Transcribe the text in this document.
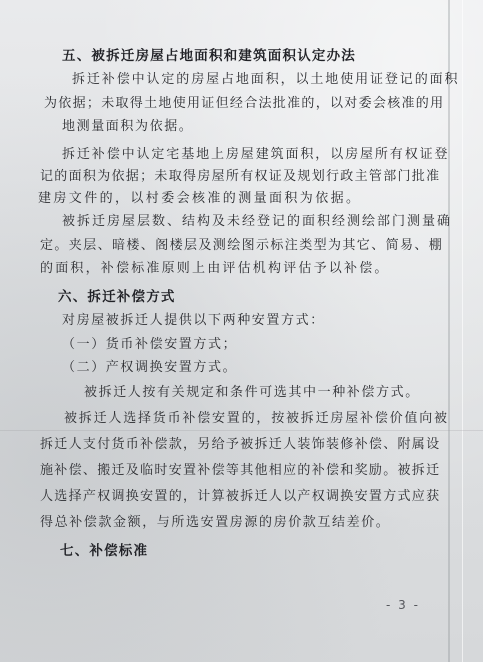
五、被拆迁房屋占地面积和建筑面积认定办法
拆迁补偿中认定的房屋占地面积，以土地使用证登记的面积
为依据；未取得土地使用证但经合法批准的，以对委会核准的用
地测量面积为依据。
拆迁补偿中认定宅基地上房屋建筑面积，以房屋所有权证登
记的面积为依据；未取得房屋所有权证及规划行政主管部门批准
建房文件的，以村委会核准的测量面积为依据。
被拆迁房屋层数、结构及未经登记的面积经测绘部门测量确
定。夹层、暗楼、阁楼层及测绘图示标注类型为其它、简易、棚
的面积，补偿标准原则上由评估机构评估予以补偿。
六、拆迁补偿方式
对房屋被拆迁人提供以下两种安置方式：
（一）货币补偿安置方式；
（二）产权调换安置方式。
被拆迁人按有关规定和条件可选其中一种补偿方式。
被拆迁人选择货币补偿安置的，按被拆迁房屋补偿价值向被
拆迁人支付货币补偿款，另给予被拆迁人装饰装修补偿、附属设
施补偿、搬迁及临时安置补偿等其他相应的补偿和奖励。被拆迁
人选择产权调换安置的，计算被拆迁人以产权调换安置方式应获
得总补偿款金额，与所选安置房源的房价款互结差价。
七、补偿标准
- 3 -
